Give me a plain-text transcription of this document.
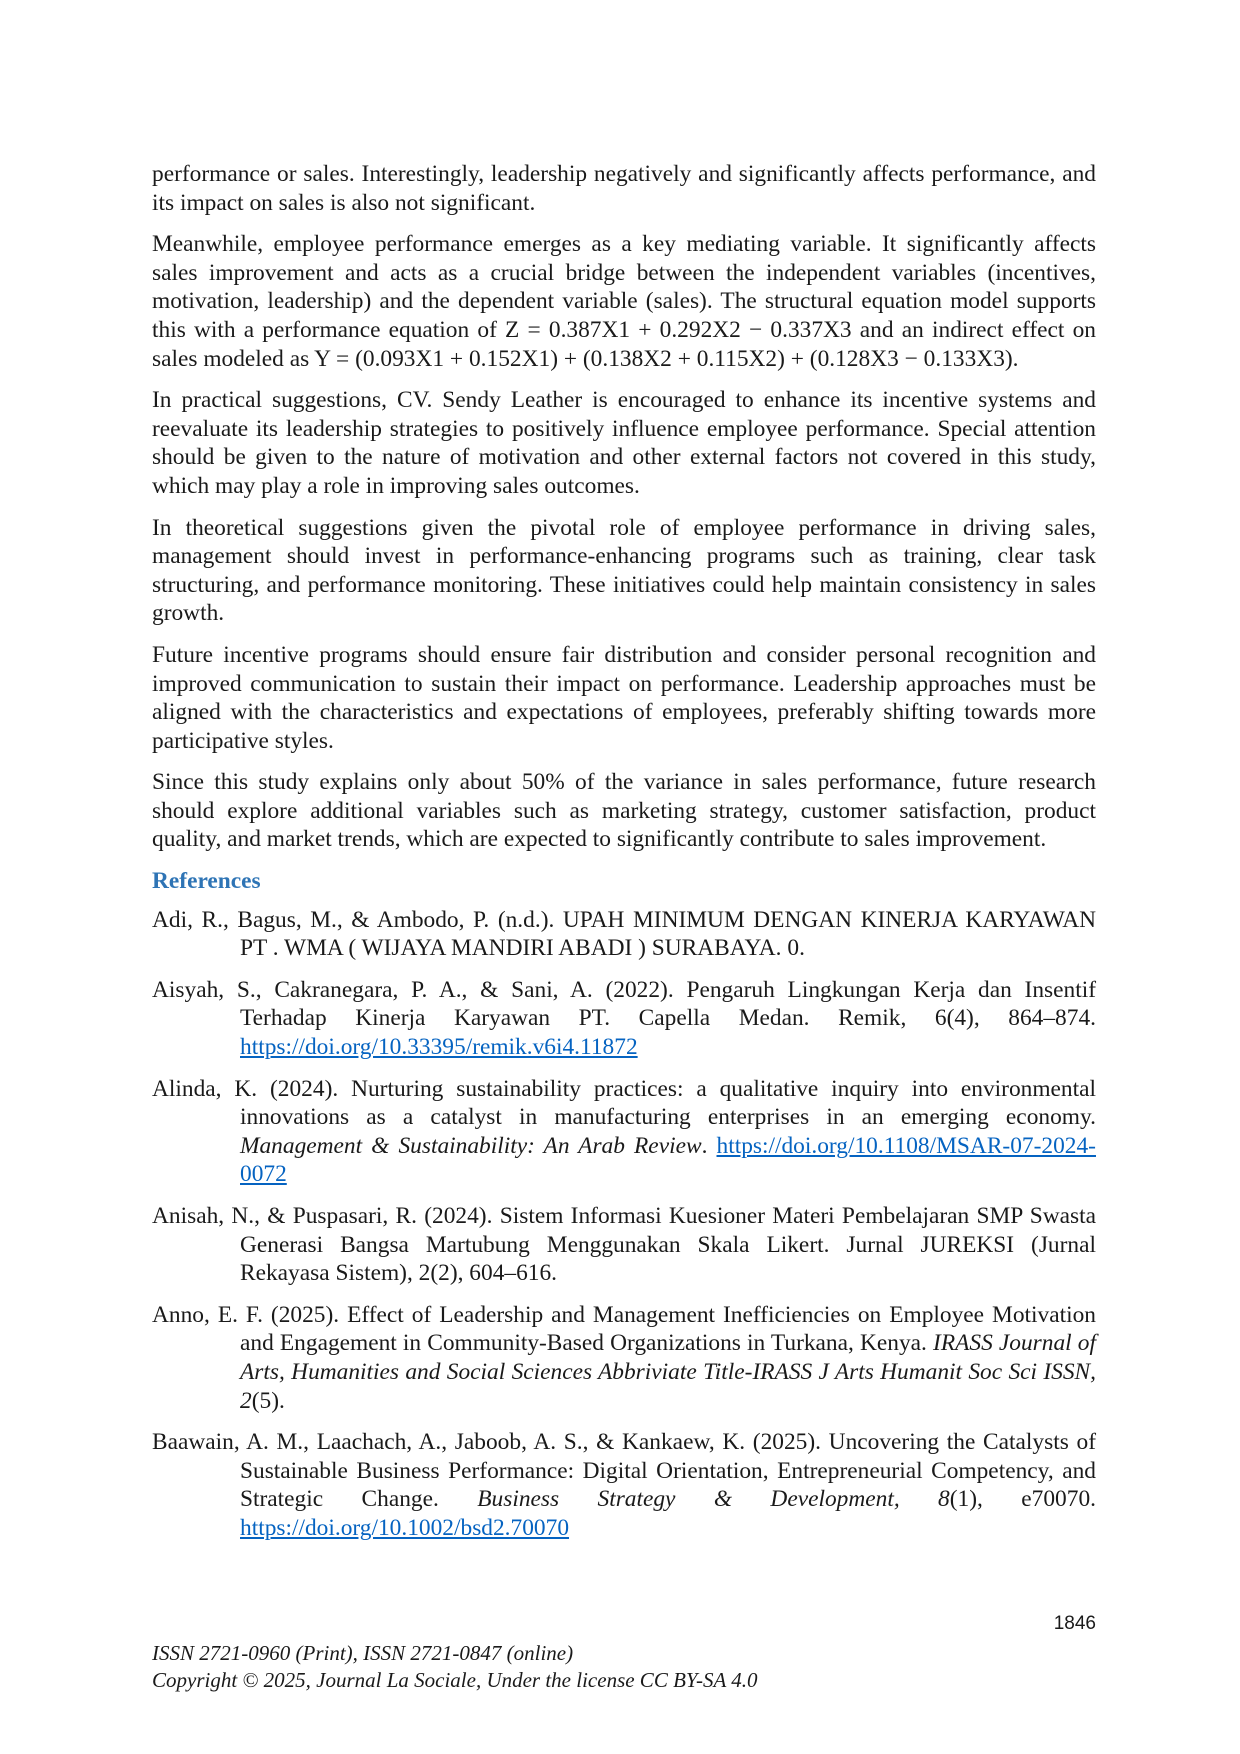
performance or sales. Interestingly, leadership negatively and significantly affects performance, and its impact on sales is also not significant.

Meanwhile, employee performance emerges as a key mediating variable. It significantly affects sales improvement and acts as a crucial bridge between the independent variables (incentives, motivation, leadership) and the dependent variable (sales). The structural equation model supports this with a performance equation of Z = 0.387X1 + 0.292X2 − 0.337X3 and an indirect effect on sales modeled as Y = (0.093X1 + 0.152X1) + (0.138X2 + 0.115X2) + (0.128X3 − 0.133X3).

In practical suggestions, CV. Sendy Leather is encouraged to enhance its incentive systems and reevaluate its leadership strategies to positively influence employee performance. Special attention should be given to the nature of motivation and other external factors not covered in this study, which may play a role in improving sales outcomes.

In theoretical suggestions given the pivotal role of employee performance in driving sales, management should invest in performance-enhancing programs such as training, clear task structuring, and performance monitoring. These initiatives could help maintain consistency in sales growth.

Future incentive programs should ensure fair distribution and consider personal recognition and improved communication to sustain their impact on performance. Leadership approaches must be aligned with the characteristics and expectations of employees, preferably shifting towards more participative styles.

Since this study explains only about 50% of the variance in sales performance, future research should explore additional variables such as marketing strategy, customer satisfaction, product quality, and market trends, which are expected to significantly contribute to sales improvement.

References
Adi, R., Bagus, M., & Ambodo, P. (n.d.). UPAH MINIMUM DENGAN KINERJA KARYAWAN PT . WMA ( WIJAYA MANDIRI ABADI ) SURABAYA. 0.
Aisyah, S., Cakranegara, P. A., & Sani, A. (2022). Pengaruh Lingkungan Kerja dan Insentif Terhadap Kinerja Karyawan PT. Capella Medan. Remik, 6(4), 864–874. https://doi.org/10.33395/remik.v6i4.11872
Alinda, K. (2024). Nurturing sustainability practices: a qualitative inquiry into environmental innovations as a catalyst in manufacturing enterprises in an emerging economy. Management & Sustainability: An Arab Review. https://doi.org/10.1108/MSAR-07-2024-0072
Anisah, N., & Puspasari, R. (2024). Sistem Informasi Kuesioner Materi Pembelajaran SMP Swasta Generasi Bangsa Martubung Menggunakan Skala Likert. Jurnal JUREKSI (Jurnal Rekayasa Sistem), 2(2), 604–616.
Anno, E. F. (2025). Effect of Leadership and Management Inefficiencies on Employee Motivation and Engagement in Community-Based Organizations in Turkana, Kenya. IRASS Journal of Arts, Humanities and Social Sciences Abbriviate Title-IRASS J Arts Humanit Soc Sci ISSN, 2(5).
Baawain, A. M., Laachach, A., Jaboob, A. S., & Kankaew, K. (2025). Uncovering the Catalysts of Sustainable Business Performance: Digital Orientation, Entrepreneurial Competency, and Strategic Change. Business Strategy & Development, 8(1), e70070. https://doi.org/10.1002/bsd2.70070
1846
ISSN 2721-0960 (Print), ISSN 2721-0847 (online)
Copyright © 2025, Journal La Sociale, Under the license CC BY-SA 4.0
